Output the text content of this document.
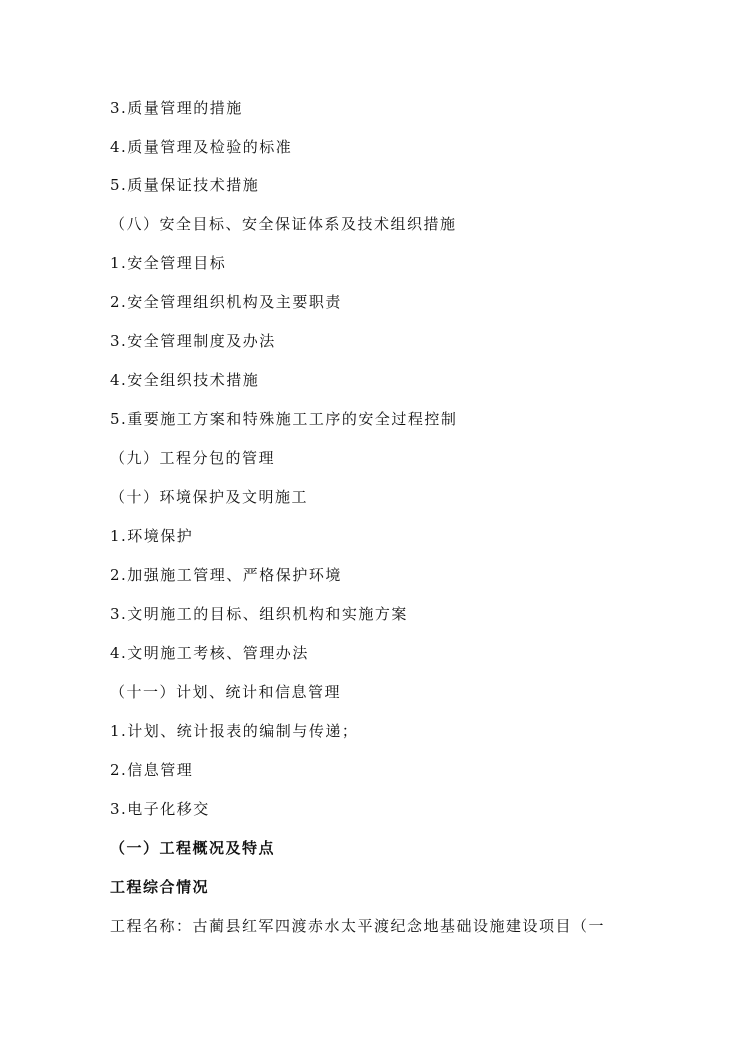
3.质量管理的措施
4.质量管理及检验的标准
5.质量保证技术措施
（八）安全目标、安全保证体系及技术组织措施
1.安全管理目标
2.安全管理组织机构及主要职责
3.安全管理制度及办法
4.安全组织技术措施
5.重要施工方案和特殊施工工序的安全过程控制
（九）工程分包的管理
（十）环境保护及文明施工
1.环境保护
2.加强施工管理、严格保护环境
3.文明施工的目标、组织机构和实施方案
4.文明施工考核、管理办法
（十一）计划、统计和信息管理
1.计划、统计报表的编制与传递；
2.信息管理
3.电子化移交
（一）工程概况及特点
工程综合情况
工程名称：古蔺县红军四渡赤水太平渡纪念地基础设施建设项目（一
